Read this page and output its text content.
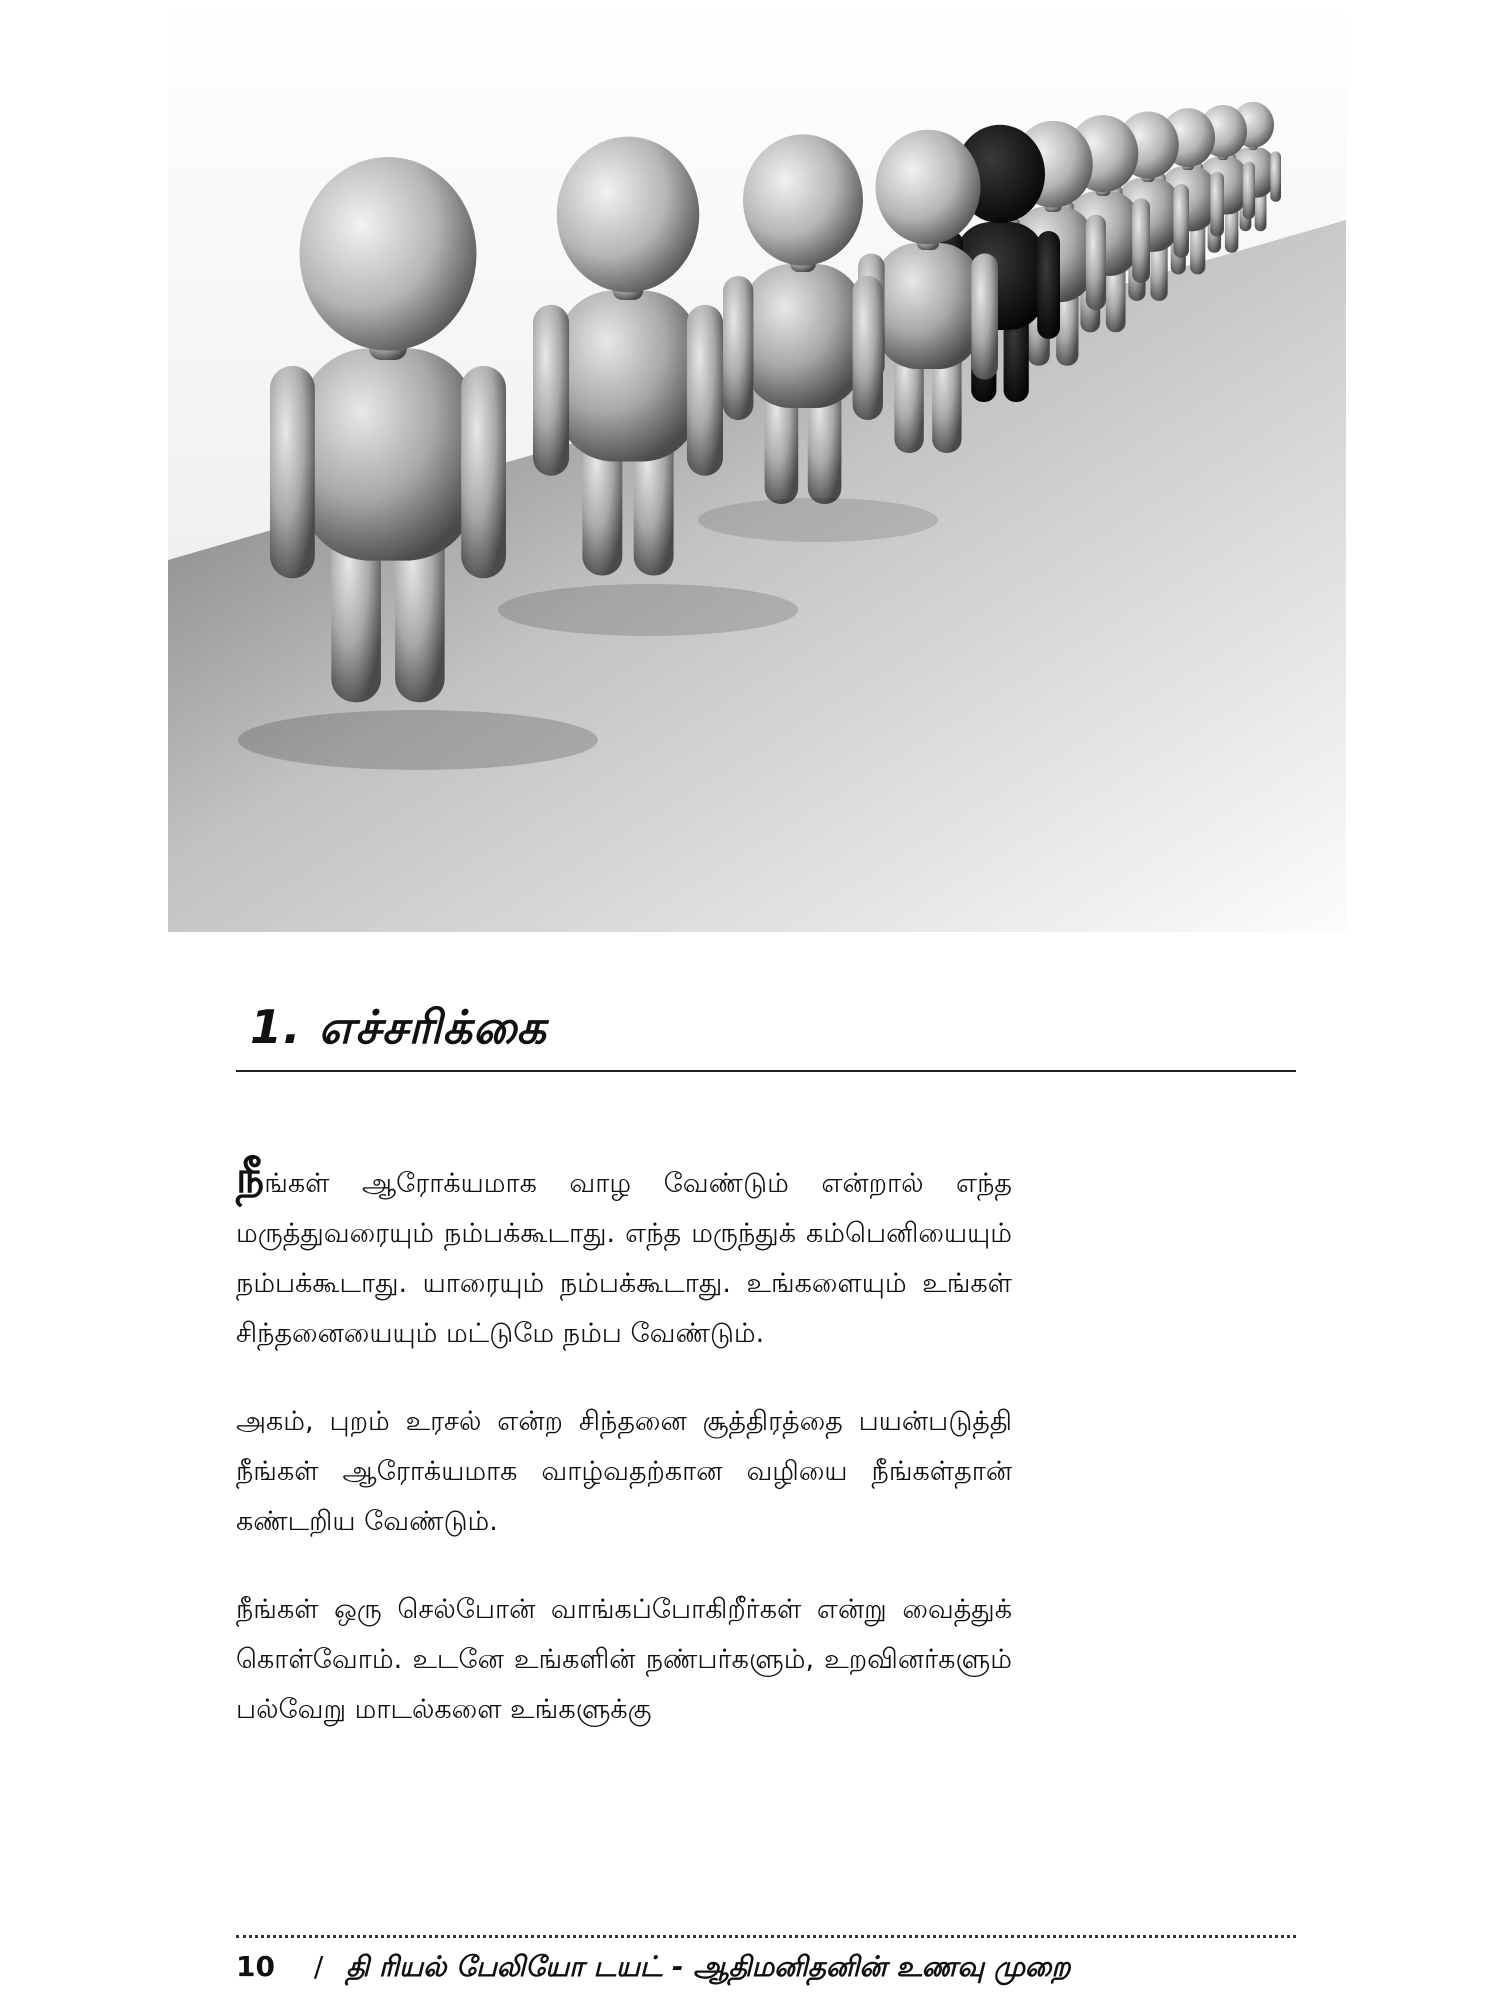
1. எச்சரிக்கை

நீங்கள் ஆரோக்யமாக வாழ வேண்டும் என்றால் எந்த மருத்துவரையும் நம்பக்கூடாது. எந்த மருந்துக் கம்பெனியையும் நம்பக்கூடாது. யாரையும் நம்பக்கூடாது. உங்களையும் உங்கள் சிந்தனையையும் மட்டுமே நம்ப வேண்டும்.

அகம், புறம் உரசல் என்ற சிந்தனை சூத்திரத்தை பயன்படுத்தி நீங்கள் ஆரோக்யமாக வாழ்வதற்கான வழியை நீங்கள்தான் கண்டறிய வேண்டும்.

நீங்கள் ஒரு செல்போன் வாங்கப்போகிறீர்கள் என்று வைத்துக் கொள்வோம். உடனே உங்களின் நண்பர்களும், உறவினர்களும் பல்வேறு மாடல்களை உங்களுக்கு

10 / தி ரியல் பேலியோ டயட் - ஆதிமனிதனின் உணவு முறை
